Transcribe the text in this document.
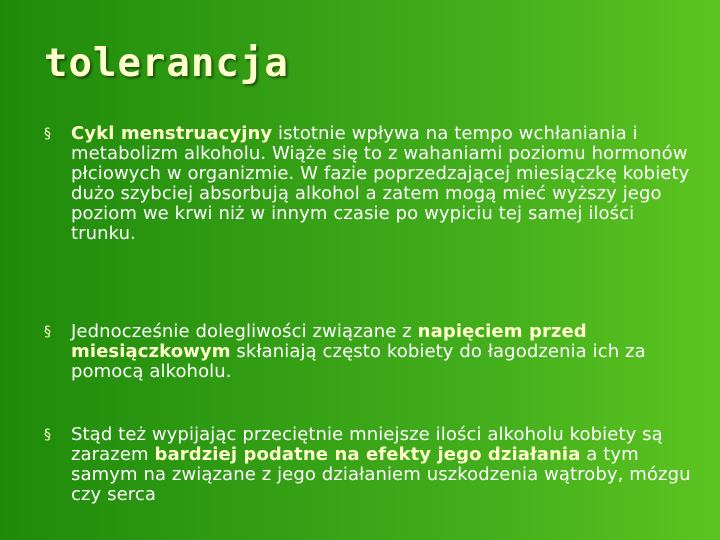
tolerancja
§	Cykl menstruacyjny istotnie wpływa na tempo wchłaniania i metabolizm alkoholu. Wiąże się to z wahaniami poziomu hormonów płciowych w organizmie. W fazie poprzedzającej miesiączkę kobiety dużo szybciej absorbują alkohol a zatem mogą mieć wyższy jego poziom we krwi niż w innym czasie po wypiciu tej samej ilości trunku.
§	Jednocześnie dolegliwości związane z napięciem przed miesiączkowym skłaniają często kobiety do łagodzenia ich za pomocą alkoholu.
§	Stąd też wypijając przeciętnie mniejsze ilości alkoholu kobiety są zarazem bardziej podatne na efekty jego działania a tym samym na związane z jego działaniem uszkodzenia wątroby, mózgu czy serca
